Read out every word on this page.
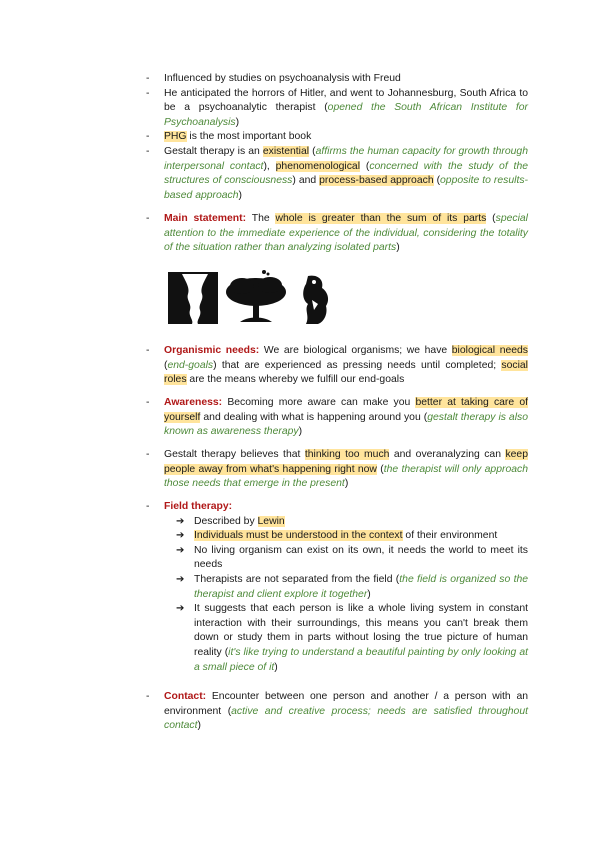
- Influenced by studies on psychoanalysis with Freud
- He anticipated the horrors of Hitler, and went to Johannesburg, South Africa to be a psychoanalytic therapist (opened the South African Institute for Psychoanalysis)
- PHG is the most important book
- Gestalt therapy is an existential (affirms the human capacity for growth through interpersonal contact), phenomenological (concerned with the study of the structures of consciousness) and process-based approach (opposite to results-based approach)
- Main statement: The whole is greater than the sum of its parts (special attention to the immediate experience of the individual, considering the totality of the situation rather than analyzing isolated parts)
- Organismic needs: We are biological organisms; we have biological needs (end-goals) that are experienced as pressing needs until completed; social roles are the means whereby we fulfill our end-goals
- Awareness: Becoming more aware can make you better at taking care of yourself and dealing with what is happening around you (gestalt therapy is also known as awareness therapy)
- Gestalt therapy believes that thinking too much and overanalyzing can keep people away from what's happening right now (the therapist will only approach those needs that emerge in the present)
- Field therapy:
➔ Described by Lewin
➔ Individuals must be understood in the context of their environment
➔ No living organism can exist on its own, it needs the world to meet its needs
➔ Therapists are not separated from the field (the field is organized so the therapist and client explore it together)
➔ It suggests that each person is like a whole living system in constant interaction with their surroundings, this means you can't break them down or study them in parts without losing the true picture of human reality (it's like trying to understand a beautiful painting by only looking at a small piece of it)
- Contact: Encounter between one person and another / a person with an environment (active and creative process; needs are satisfied throughout contact)
